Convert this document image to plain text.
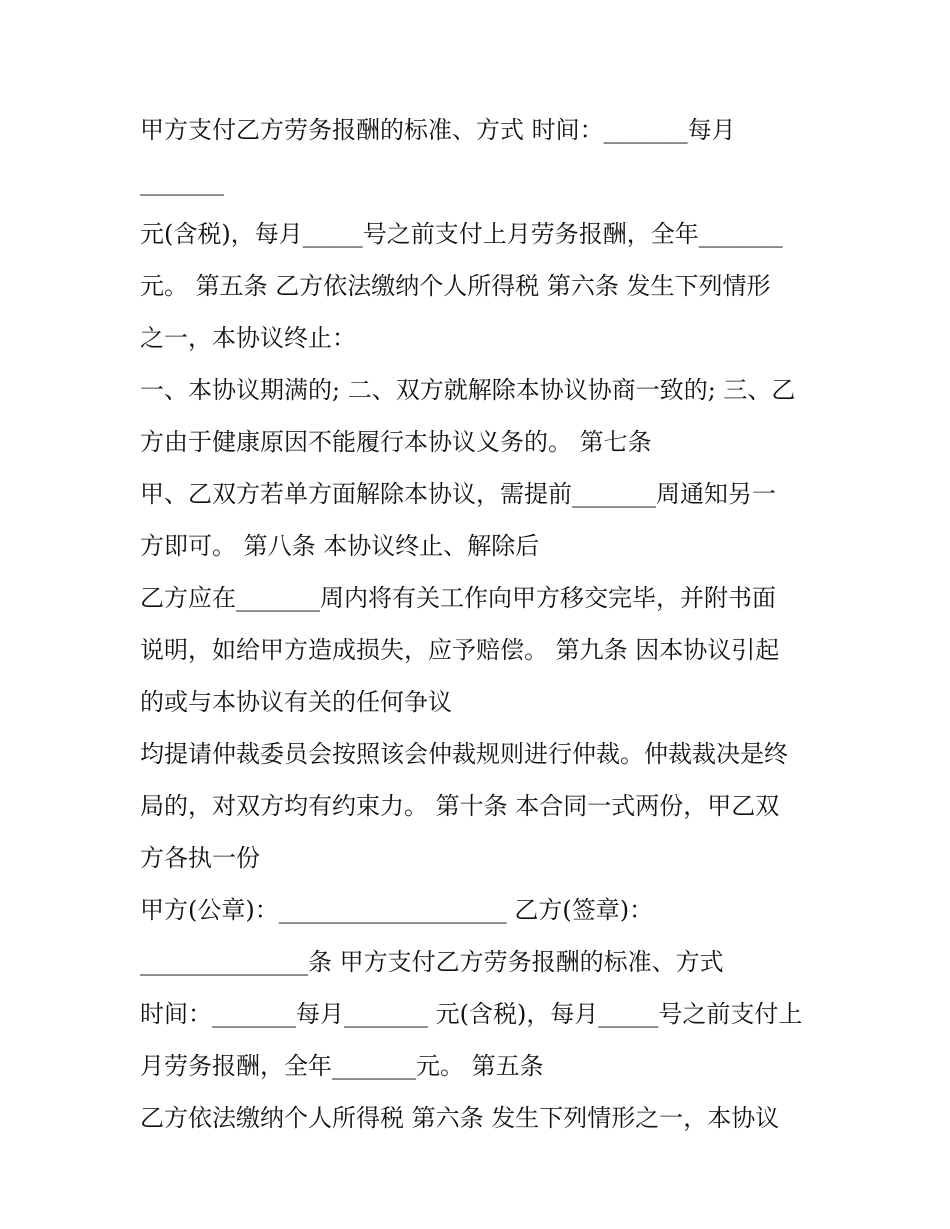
甲方支付乙方劳务报酬的标准、方式 时间：_______每月
_______
元(含税)，每月_____号之前支付上月劳务报酬，全年_______
元。 第五条 乙方依法缴纳个人所得税 第六条 发生下列情形
之一，本协议终止：
一、本协议期满的; 二、双方就解除本协议协商一致的; 三、乙
方由于健康原因不能履行本协议义务的。 第七条
甲、乙双方若单方面解除本协议，需提前_______周通知另一
方即可。 第八条 本协议终止、解除后
乙方应在_______周内将有关工作向甲方移交完毕，并附书面
说明，如给甲方造成损失，应予赔偿。 第九条 因本协议引起
的或与本协议有关的任何争议
均提请仲裁委员会按照该会仲裁规则进行仲裁。仲裁裁决是终
局的，对双方均有约束力。 第十条 本合同一式两份，甲乙双
方各执一份
甲方(公章)：___________________ 乙方(签章)：
______________条 甲方支付乙方劳务报酬的标准、方式
时间：_______每月_______ 元(含税)，每月_____号之前支付上
月劳务报酬，全年_______元。 第五条
乙方依法缴纳个人所得税 第六条 发生下列情形之一，本协议
